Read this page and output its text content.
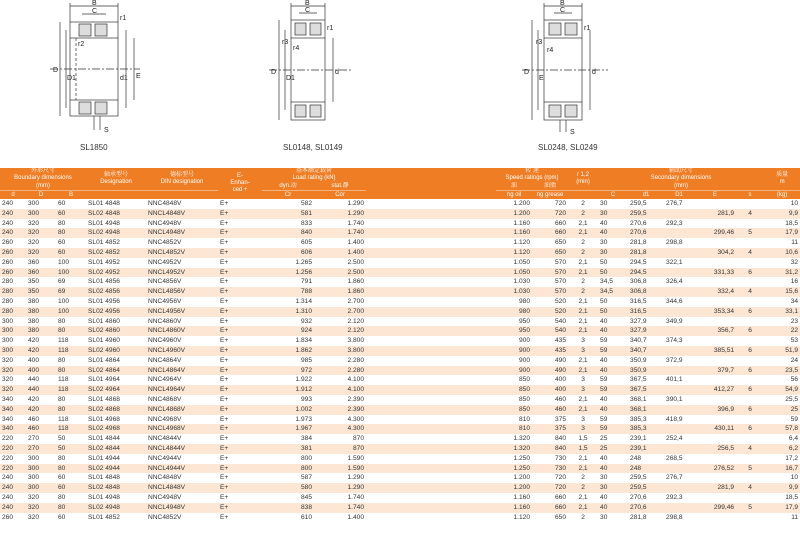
B
C
r1
r2
D
D1	d1 E
S
SL1850
B
C
r1
r3
r4
D
D1
d
SL0148, SL0149
B
C
r1
r3
r4
D
E
d
S
SL0248, SL0249
外形尺寸
Boundary dimensions			轴承型号
Designation	德标型号
DIN designation	E-
Enhan-
ced +	基本额定载荷
Load rating (kN)			转 速
Speed ratings (rpm)		r 1,2
(min)	辅助尺寸
Secondary dimensions					质量
m
(mm)						dyn.动	stat.静		油	油脂		(mm)					
d	D	B				Cr	Cor		ng oil	ng grease		C	d1	D1	E	s	(kg)
240	300	60	SL01 4848	NNC4848V	E+	582	1.290		1.200	720	2	30	259,5	276,7			10
240	300	60	SL02 4848	NNCL4848V	E+	581	1.290		1.200	720	2	30	259,5		281,9	4	9,9
240	320	80	SL01 4948	NNC4948V	E+	833	1.740		1.160	660	2,1	40	270,6	292,3			18,5
240	320	80	SL02 4948	NNCL4948V	E+	840	1.740		1.160	660	2,1	40	270,6		299,46	5	17,9
260	320	60	SL01 4852	NNC4852V	E+	605	1.400		1.120	650	2	30	281,8	298,8			11
260	320	60	SL02 4852	NNCL4852V	E+	606	1.400		1.120	650	2	30	281,8		304,2	4	10,6
260	360	100	SL01 4952	NNC4952V	E+	1.265	2.500		1.050	570	2,1	50	294,5	322,1			32
260	360	100	SL02 4952	NNCL4952V	E+	1.256	2.500		1.050	570	2,1	50	294,5		331,33	6	31,2
280	350	69	SL01 4856	NNC4856V	E+	791	1.860		1.030	570	2	34,5	306,8	326,4			16
280	350	69	SL02 4856	NNCL4856V	E+	788	1.860		1.030	570	2	34,5	306,8		332,4	4	15,6
280	380	100	SL01 4956	NNC4956V	E+	1.314	2.700		980	520	2,1	50	316,5	344,6			34
280	380	100	SL02 4956	NNCL4956V	E+	1.310	2.700		980	520	2,1	50	316,5		353,34	6	33,1
300	380	80	SL01 4860	NNC4860V	E+	932	2.120		950	540	2,1	40	327,9	349,9			23
300	380	80	SL02 4860	NNCL4860V	E+	924	2.120		950	540	2,1	40	327,9		356,7	6	22
300	420	118	SL01 4960	NNC4960V	E+	1.834	3.800		900	435	3	59	340,7	374,3			53
300	420	118	SL02 4960	NNCL4960V	E+	1.862	3.800		900	435	3	59	340,7		385,51	6	51,9
320	400	80	SL01 4864	NNC4864V	E+	985	2.280		900	490	2,1	40	350,9	372,9			24
320	400	80	SL02 4864	NNCL4864V	E+	972	2.280		900	490	2,1	40	350,9		379,7	6	23,5
320	440	118	SL01 4964	NNC4964V	E+	1.922	4.100		850	400	3	59	367,5	401,1			56
320	440	118	SL02 4964	NNCL4964V	E+	1.912	4.100		850	400	3	59	367,5		412,27	6	54,9
340	420	80	SL01 4868	NNC4868V	E+	993	2.390		850	460	2,1	40	368,1	390,1			25,5
340	420	80	SL02 4868	NNCL4868V	E+	1.002	2.390		850	460	2,1	40	368,1		396,9	6	25
340	460	118	SL01 4968	NNC4968V	E+	1.973	4.300		810	375	3	59	385,3	418,9			59
340	460	118	SL02 4968	NNCL4968V	E+	1.967	4.300		810	375	3	59	385,3		430,11	6	57,8
220	270	50	SL01 4844	NNC4844V	E+	384	870		1.320	840	1,5	25	239,1	252,4			6,4
220	270	50	SL02 4844	NNCL4844V	E+	381	870		1.320	840	1,5	25	239,1		256,5	4	6,2
220	300	80	SL01 4944	NNC4944V	E+	800	1.590		1.250	730	2,1	40	248	268,5			17,2
220	300	80	SL02 4944	NNCL4944V	E+	800	1.590		1.250	730	2,1	40	248		276,52	5	16,7
240	300	60	SL01 4848	NNC4848V	E+	587	1.290		1.200	720	2	30	259,5	276,7			10
240	300	60	SL02 4848	NNCL4848V	E+	580	1.290		1.200	720	2	30	259,5		281,9	4	9,9
240	320	80	SL01 4948	NNC4948V	E+	845	1.740		1.160	660	2,1	40	270,6	292,3			18,5
240	320	80	SL02 4948	NNCL4948V	E+	838	1.740		1.160	660	2,1	40	270,6		299,46	5	17,9
260	320	60	SL01 4852	NNC4852V	E+	610	1.400		1.120	650	2	30	281,8	298,8			11
